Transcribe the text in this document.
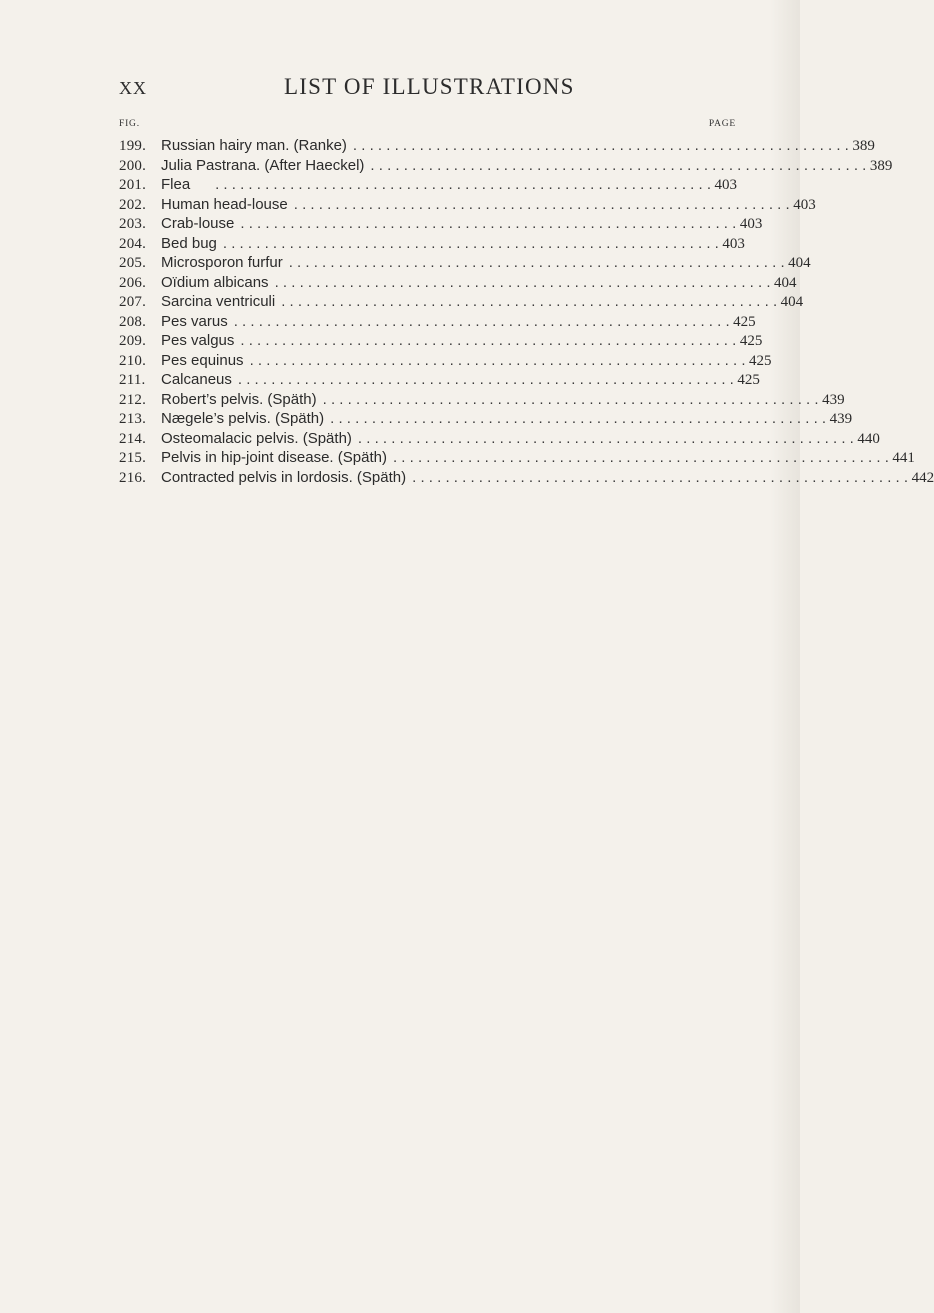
XX	LIST OF ILLUSTRATIONS
FIG.	PAGE
199. Russian hairy man. (Ranke) . . . . . . . . . . . . . . . . . . . . . . . . . . . . . . . . . . . . . . . . . . . . . . . . . . . . . . . . . . . . 389
200. Julia Pastrana. (After Haeckel) . . . . . . . . . . . . . . . . . . . . . . . . . . . . . . . . . . . . . . . . . . . . . . . . . . . . . . . . . . . . 389
201. Flea	. . . . . . . . . . . . . . . . . . . . . . . . . . . . . . . . . . . . . . . . . . . . . . . . . . . . . . . . . . . . 403
202. Human head-louse . . . . . . . . . . . . . . . . . . . . . . . . . . . . . . . . . . . . . . . . . . . . . . . . . . . . . . . . . . . . 403
203. Crab-louse . . . . . . . . . . . . . . . . . . . . . . . . . . . . . . . . . . . . . . . . . . . . . . . . . . . . . . . . . . . . 403
204. Bed bug . . . . . . . . . . . . . . . . . . . . . . . . . . . . . . . . . . . . . . . . . . . . . . . . . . . . . . . . . . . . 403
205. Microsporon furfur . . . . . . . . . . . . . . . . . . . . . . . . . . . . . . . . . . . . . . . . . . . . . . . . . . . . . . . . . . . . 404
206. Oïdium albicans . . . . . . . . . . . . . . . . . . . . . . . . . . . . . . . . . . . . . . . . . . . . . . . . . . . . . . . . . . . . 404
207. Sarcina ventriculi . . . . . . . . . . . . . . . . . . . . . . . . . . . . . . . . . . . . . . . . . . . . . . . . . . . . . . . . . . . . 404
208. Pes varus . . . . . . . . . . . . . . . . . . . . . . . . . . . . . . . . . . . . . . . . . . . . . . . . . . . . . . . . . . . . 425
209. Pes valgus . . . . . . . . . . . . . . . . . . . . . . . . . . . . . . . . . . . . . . . . . . . . . . . . . . . . . . . . . . . . 425
210. Pes equinus . . . . . . . . . . . . . . . . . . . . . . . . . . . . . . . . . . . . . . . . . . . . . . . . . . . . . . . . . . . . 425
211.	Calcaneus . . . . . . . . . . . . . . . . . . . . . . . . . . . . . . . . . . . . . . . . . . . . . . . . . . . . . . . . . . . . 425
212. Robert’s pelvis. (Späth) . . . . . . . . . . . . . . . . . . . . . . . . . . . . . . . . . . . . . . . . . . . . . . . . . . . . . . . . . . . . 439
213. Nægele’s pelvis. (Späth) . . . . . . . . . . . . . . . . . . . . . . . . . . . . . . . . . . . . . . . . . . . . . . . . . . . . . . . . . . . . 439
214. Osteomalacic pelvis. (Späth) . . . . . . . . . . . . . . . . . . . . . . . . . . . . . . . . . . . . . . . . . . . . . . . . . . . . . . . . . . . . 440
215. Pelvis in hip-joint disease. (Späth) . . . . . . . . . . . . . . . . . . . . . . . . . . . . . . . . . . . . . . . . . . . . . . . . . . . . . . . . . . . . 441
216. Contracted pelvis in lordosis. (Späth) . . . . . . . . . . . . . . . . . . . . . . . . . . . . . . . . . . . . . . . . . . . . . . . . . . . . . . . . . . . . 442
